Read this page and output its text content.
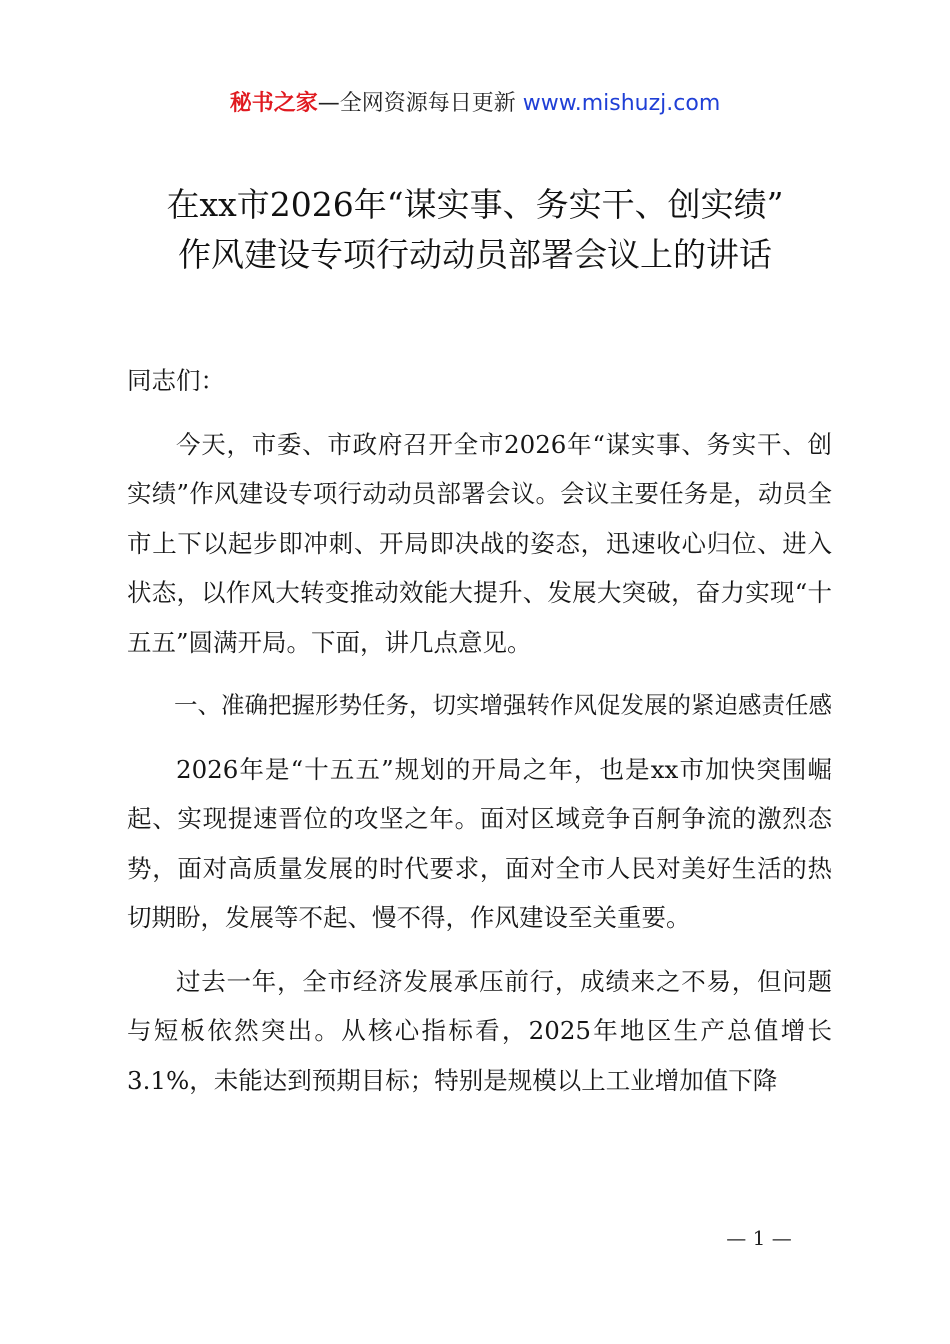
秘书之家—全网资源每日更新 www.mishuzj.com
在xx市2026年“谋实事、务实干、创实绩”
作风建设专项行动动员部署会议上的讲话

同志们：

今天，市委、市政府召开全市2026年“谋实事、务实干、创实绩”作风建设专项行动动员部署会议。会议主要任务是，动员全市上下以起步即冲刺、开局即决战的姿态，迅速收心归位、进入状态，以作风大转变推动效能大提升、发展大突破，奋力实现“十五五”圆满开局。下面，讲几点意见。

一、准确把握形势任务，切实增强转作风促发展的紧迫感责任感

2026年是“十五五”规划的开局之年，也是xx市加快突围崛起、实现提速晋位的攻坚之年。面对区域竞争百舸争流的激烈态势，面对高质量发展的时代要求，面对全市人民对美好生活的热切期盼，发展等不起、慢不得，作风建设至关重要。

过去一年，全市经济发展承压前行，成绩来之不易，但问题与短板依然突出。从核心指标看，2025年地区生产总值增长3.1%，未能达到预期目标；特别是规模以上工业增加值下降

— 1 —
